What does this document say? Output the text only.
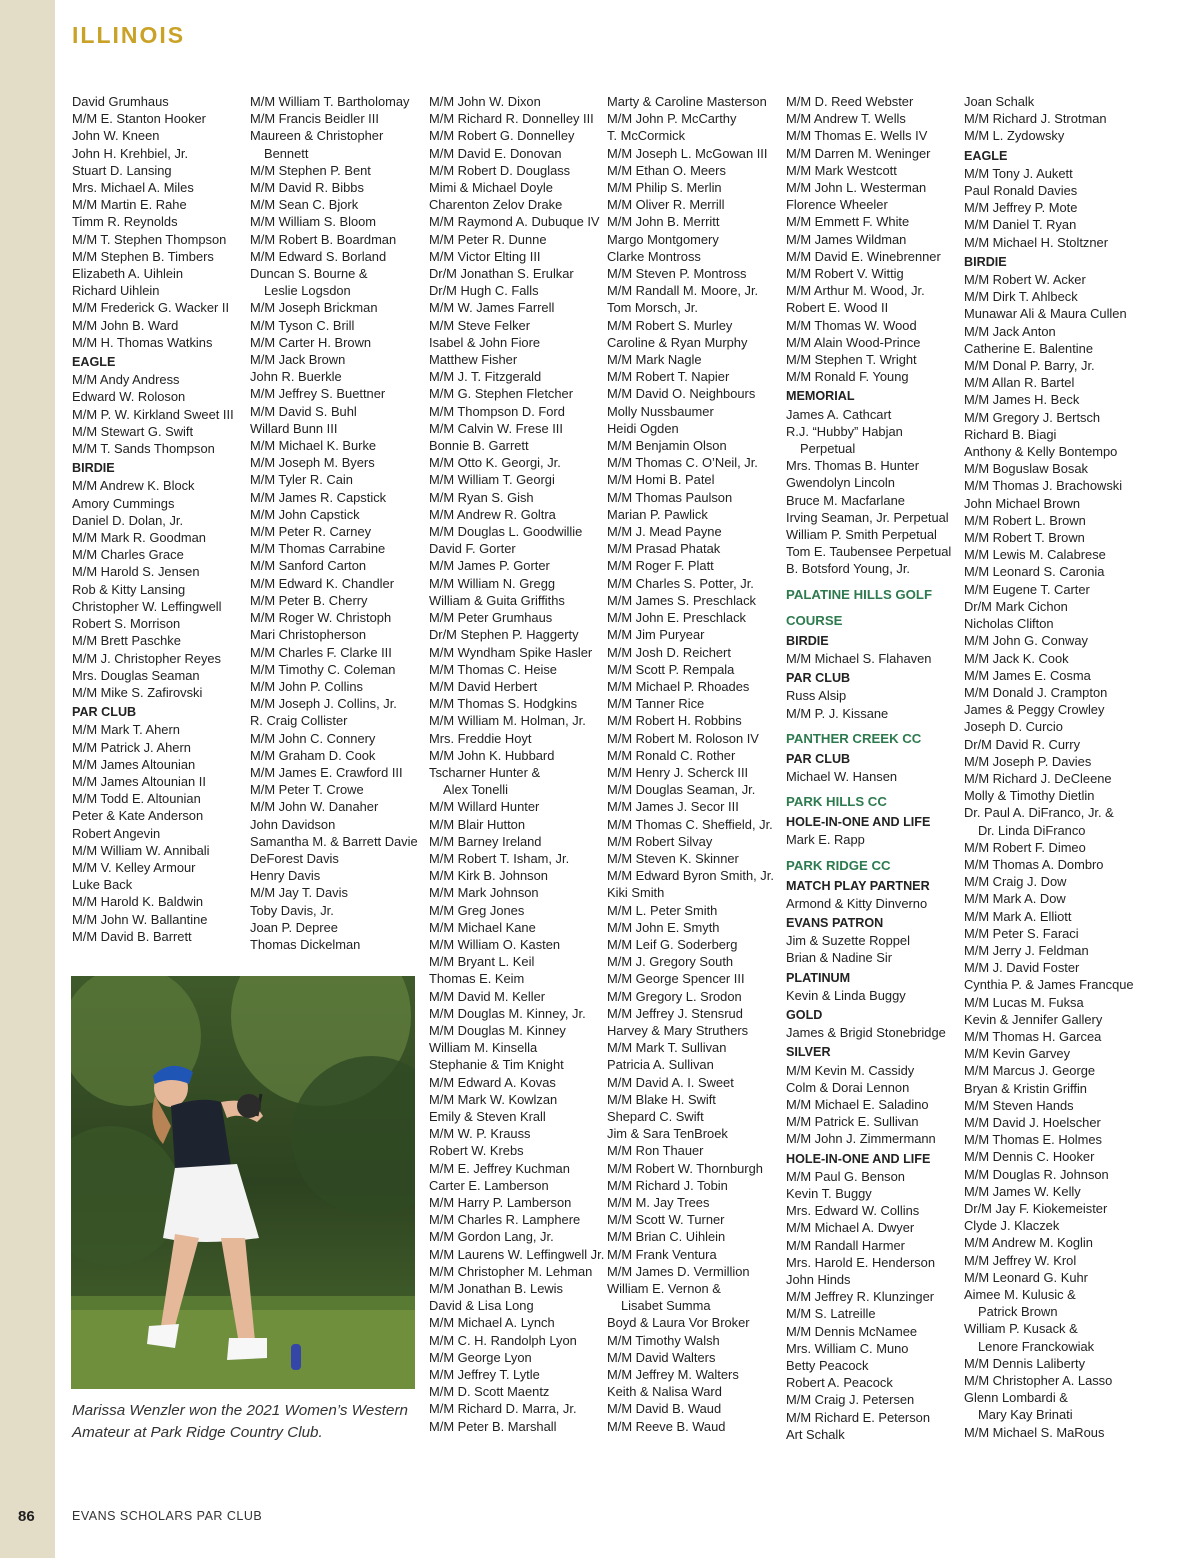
86
ILLINOIS
David Grumhaus
M/M E. Stanton Hooker
John W. Kneen
John H. Krehbiel, Jr.
Stuart D. Lansing
Mrs. Michael A. Miles
M/M Martin E. Rahe
Timm R. Reynolds
M/M T. Stephen Thompson
M/M Stephen B. Timbers
Elizabeth A. Uihlein
Richard Uihlein
M/M Frederick G. Wacker II
M/M John B. Ward
M/M H. Thomas Watkins
EAGLE
M/M Andy Andress
Edward W. Roloson
M/M P. W. Kirkland Sweet III
M/M Stewart G. Swift
M/M T. Sands Thompson
BIRDIE
M/M Andrew K. Block
Amory Cummings
Daniel D. Dolan, Jr.
M/M Mark R. Goodman
M/M Charles Grace
M/M Harold S. Jensen
Rob & Kitty Lansing
Christopher W. Leffingwell
Robert S. Morrison
M/M Brett Paschke
M/M J. Christopher Reyes
Mrs. Douglas Seaman
M/M Mike S. Zafirovski
PAR CLUB
M/M Mark T. Ahern
M/M Patrick J. Ahern
M/M James Altounian
M/M James Altounian II
M/M Todd E. Altounian
Peter & Kate Anderson
Robert Angevin
M/M William W. Annibali
M/M V. Kelley Armour
Luke Back
M/M Harold K. Baldwin
M/M John W. Ballantine
M/M David B. Barrett
M/M William T. Bartholomay
M/M Francis Beidler III
Maureen & Christopher
Bennett
M/M Stephen P. Bent
M/M David R. Bibbs
M/M Sean C. Bjork
M/M William S. Bloom
M/M Robert B. Boardman
M/M Edward S. Borland
Duncan S. Bourne &
Leslie Logsdon
M/M Joseph Brickman
M/M Tyson C. Brill
M/M Carter H. Brown
M/M Jack Brown
John R. Buerkle
M/M Jeffrey S. Buettner
M/M David S. Buhl
Willard Bunn III
M/M Michael K. Burke
M/M Joseph M. Byers
M/M Tyler R. Cain
M/M James R. Capstick
M/M John Capstick
M/M Peter R. Carney
M/M Thomas Carrabine
M/M Sanford Carton
M/M Edward K. Chandler
M/M Peter B. Cherry
M/M Roger W. Christoph
Mari Christopherson
M/M Charles F. Clarke III
M/M Timothy C. Coleman
M/M John P. Collins
M/M Joseph J. Collins, Jr.
R. Craig Collister
M/M John C. Connery
M/M Graham D. Cook
M/M James E. Crawford III
M/M Peter T. Crowe
M/M John W. Danaher
John Davidson
Samantha M. & Barrett Davie
DeForest Davis
Henry Davis
M/M Jay T. Davis
Toby Davis, Jr.
Joan P. Depree
Thomas Dickelman
M/M John W. Dixon
M/M Richard R. Donnelley III
M/M Robert G. Donnelley
M/M David E. Donovan
M/M Robert D. Douglass
Mimi & Michael Doyle
Charenton Zelov Drake
M/M Raymond A. Dubuque IV
M/M Peter R. Dunne
M/M Victor Elting III
Dr/M Jonathan S. Erulkar
Dr/M Hugh C. Falls
M/M W. James Farrell
M/M Steve Felker
Isabel & John Fiore
Matthew Fisher
M/M J. T. Fitzgerald
M/M G. Stephen Fletcher
M/M Thompson D. Ford
M/M Calvin W. Frese III
Bonnie B. Garrett
M/M Otto K. Georgi, Jr.
M/M William T. Georgi
M/M Ryan S. Gish
M/M Andrew R. Goltra
M/M Douglas L. Goodwillie
David F. Gorter
M/M James P. Gorter
M/M William N. Gregg
William & Guita Griffiths
M/M Peter Grumhaus
Dr/M Stephen P. Haggerty
M/M Wyndham Spike Hasler
M/M Thomas C. Heise
M/M David Herbert
M/M Thomas S. Hodgkins
M/M William M. Holman, Jr.
Mrs. Freddie Hoyt
M/M John K. Hubbard
Tscharner Hunter &
Alex Tonelli
M/M Willard Hunter
M/M Blair Hutton
M/M Barney Ireland
M/M Robert T. Isham, Jr.
M/M Kirk B. Johnson
M/M Mark Johnson
M/M Greg Jones
M/M Michael Kane
M/M William O. Kasten
M/M Bryant L. Keil
Thomas E. Keim
M/M David M. Keller
M/M Douglas M. Kinney, Jr.
M/M Douglas M. Kinney
William M. Kinsella
Stephanie & Tim Knight
M/M Edward A. Kovas
M/M Mark W. Kowlzan
Emily & Steven Krall
M/M W. P. Krauss
Robert W. Krebs
M/M E. Jeffrey Kuchman
Carter E. Lamberson
M/M Harry P. Lamberson
M/M Charles R. Lamphere
M/M Gordon Lang, Jr.
M/M Laurens W. Leffingwell Jr.
M/M Christopher M. Lehman
M/M Jonathan B. Lewis
David & Lisa Long
M/M Michael A. Lynch
M/M C. H. Randolph Lyon
M/M George Lyon
M/M Jeffrey T. Lytle
M/M D. Scott Maentz
M/M Richard D. Marra, Jr.
M/M Peter B. Marshall
Marty & Caroline Masterson
M/M John P. McCarthy
T. McCormick
M/M Joseph L. McGowan III
M/M Ethan O. Meers
M/M Philip S. Merlin
M/M Oliver R. Merrill
M/M John B. Merritt
Margo Montgomery
Clarke Montross
M/M Steven P. Montross
M/M Randall M. Moore, Jr.
Tom Morsch, Jr.
M/M Robert S. Murley
Caroline & Ryan Murphy
M/M Mark Nagle
M/M Robert T. Napier
M/M David O. Neighbours
Molly Nussbaumer
Heidi Ogden
M/M Benjamin Olson
M/M Thomas C. O’Neil, Jr.
M/M Homi B. Patel
M/M Thomas Paulson
Marian P. Pawlick
M/M J. Mead Payne
M/M Prasad Phatak
M/M Roger F. Platt
M/M Charles S. Potter, Jr.
M/M James S. Preschlack
M/M John E. Preschlack
M/M Jim Puryear
M/M Josh D. Reichert
M/M Scott P. Rempala
M/M Michael P. Rhoades
M/M Tanner Rice
M/M Robert H. Robbins
M/M Robert M. Roloson IV
M/M Ronald C. Rother
M/M Henry J. Scherck III
M/M Douglas Seaman, Jr.
M/M James J. Secor III
M/M Thomas C. Sheffield, Jr.
M/M Robert Silvay
M/M Steven K. Skinner
M/M Edward Byron Smith, Jr.
Kiki Smith
M/M L. Peter Smith
M/M John E. Smyth
M/M Leif G. Soderberg
M/M J. Gregory South
M/M George Spencer III
M/M Gregory L. Srodon
M/M Jeffrey J. Stensrud
Harvey & Mary Struthers
M/M Mark T. Sullivan
Patricia A. Sullivan
M/M David A. I. Sweet
M/M Blake H. Swift
Shepard C. Swift
Jim & Sara TenBroek
M/M Ron Thauer
M/M Robert W. Thornburgh
M/M Richard J. Tobin
M/M M. Jay Trees
M/M Scott W. Turner
M/M Brian C. Uihlein
M/M Frank Ventura
M/M James D. Vermillion
William E. Vernon &
Lisabet Summa
Boyd & Laura Vor Broker
M/M Timothy Walsh
M/M David Walters
M/M Jeffrey M. Walters
Keith & Nalisa Ward
M/M David B. Waud
M/M Reeve B. Waud
M/M D. Reed Webster
M/M Andrew T. Wells
M/M Thomas E. Wells IV
M/M Darren M. Weninger
M/M Mark Westcott
M/M John L. Westerman
Florence Wheeler
M/M Emmett F. White
M/M James Wildman
M/M David E. Winebrenner
M/M Robert V. Wittig
M/M Arthur M. Wood, Jr.
Robert E. Wood II
M/M Thomas W. Wood
M/M Alain Wood-Prince
M/M Stephen T. Wright
M/M Ronald F. Young
MEMORIAL
James A. Cathcart
R.J. “Hubby” Habjan
Perpetual
Mrs. Thomas B. Hunter
Gwendolyn Lincoln
Bruce M. Macfarlane
Irving Seaman, Jr. Perpetual
William P. Smith Perpetual
Tom E. Taubensee Perpetual
B. Botsford Young, Jr.
PALATINE HILLS GOLF
COURSE
BIRDIE
M/M Michael S. Flahaven
PAR CLUB
Russ Alsip
M/M P. J. Kissane
PANTHER CREEK CC
PAR CLUB
Michael W. Hansen
PARK HILLS CC
HOLE-IN-ONE AND LIFE
Mark E. Rapp
PARK RIDGE CC
MATCH PLAY PARTNER
Armond & Kitty Dinverno
EVANS PATRON
Jim & Suzette Roppel
Brian & Nadine Sir
PLATINUM
Kevin & Linda Buggy
GOLD
James & Brigid Stonebridge
SILVER
M/M Kevin M. Cassidy
Colm & Dorai Lennon
M/M Michael E. Saladino
M/M Patrick E. Sullivan
M/M John J. Zimmermann
HOLE-IN-ONE AND LIFE
M/M Paul G. Benson
Kevin T. Buggy
Mrs. Edward W. Collins
M/M Michael A. Dwyer
M/M Randall Harmer
Mrs. Harold E. Henderson
John Hinds
M/M Jeffrey R. Klunzinger
M/M S. Latreille
M/M Dennis McNamee
Mrs. William C. Muno
Betty Peacock
Robert A. Peacock
M/M Craig J. Petersen
M/M Richard E. Peterson
Art Schalk
Joan Schalk
M/M Richard J. Strotman
M/M L. Zydowsky
EAGLE
M/M Tony J. Aukett
Paul Ronald Davies
M/M Jeffrey P. Mote
M/M Daniel T. Ryan
M/M Michael H. Stoltzner
BIRDIE
M/M Robert W. Acker
M/M Dirk T. Ahlbeck
Munawar Ali & Maura Cullen
M/M Jack Anton
Catherine E. Balentine
M/M Donal P. Barry, Jr.
M/M Allan R. Bartel
M/M James H. Beck
M/M Gregory J. Bertsch
Richard B. Biagi
Anthony & Kelly Bontempo
M/M Boguslaw Bosak
M/M Thomas J. Brachowski
John Michael Brown
M/M Robert L. Brown
M/M Robert T. Brown
M/M Lewis M. Calabrese
M/M Leonard S. Caronia
M/M Eugene T. Carter
Dr/M Mark Cichon
Nicholas Clifton
M/M John G. Conway
M/M Jack K. Cook
M/M James E. Cosma
M/M Donald J. Crampton
James & Peggy Crowley
Joseph D. Curcio
Dr/M David R. Curry
M/M Joseph P. Davies
M/M Richard J. DeCleene
Molly & Timothy Dietlin
Dr. Paul A. DiFranco, Jr. &
Dr. Linda DiFranco
M/M Robert F. Dimeo
M/M Thomas A. Dombro
M/M Craig J. Dow
M/M Mark A. Dow
M/M Mark A. Elliott
M/M Peter S. Faraci
M/M Jerry J. Feldman
M/M J. David Foster
Cynthia P. & James Francque
M/M Lucas M. Fuksa
Kevin & Jennifer Gallery
M/M Thomas H. Garcea
M/M Kevin Garvey
M/M Marcus J. George
Bryan & Kristin Griffin
M/M Steven Hands
M/M David J. Hoelscher
M/M Thomas E. Holmes
M/M Dennis C. Hooker
M/M Douglas R. Johnson
M/M James W. Kelly
Dr/M Jay F. Kiokemeister
Clyde J. Klaczek
M/M Andrew M. Koglin
M/M Jeffrey W. Krol
M/M Leonard G. Kuhr
Aimee M. Kulusic &
Patrick Brown
William P. Kusack &
Lenore Franckowiak
M/M Dennis Laliberty
M/M Christopher A. Lasso
Glenn Lombardi &
Mary Kay Brinati
M/M Michael S. MaRous
Marissa Wenzler won the 2021 Women’s Western Amateur at Park Ridge Country Club.
EVANS SCHOLARS PAR CLUB
